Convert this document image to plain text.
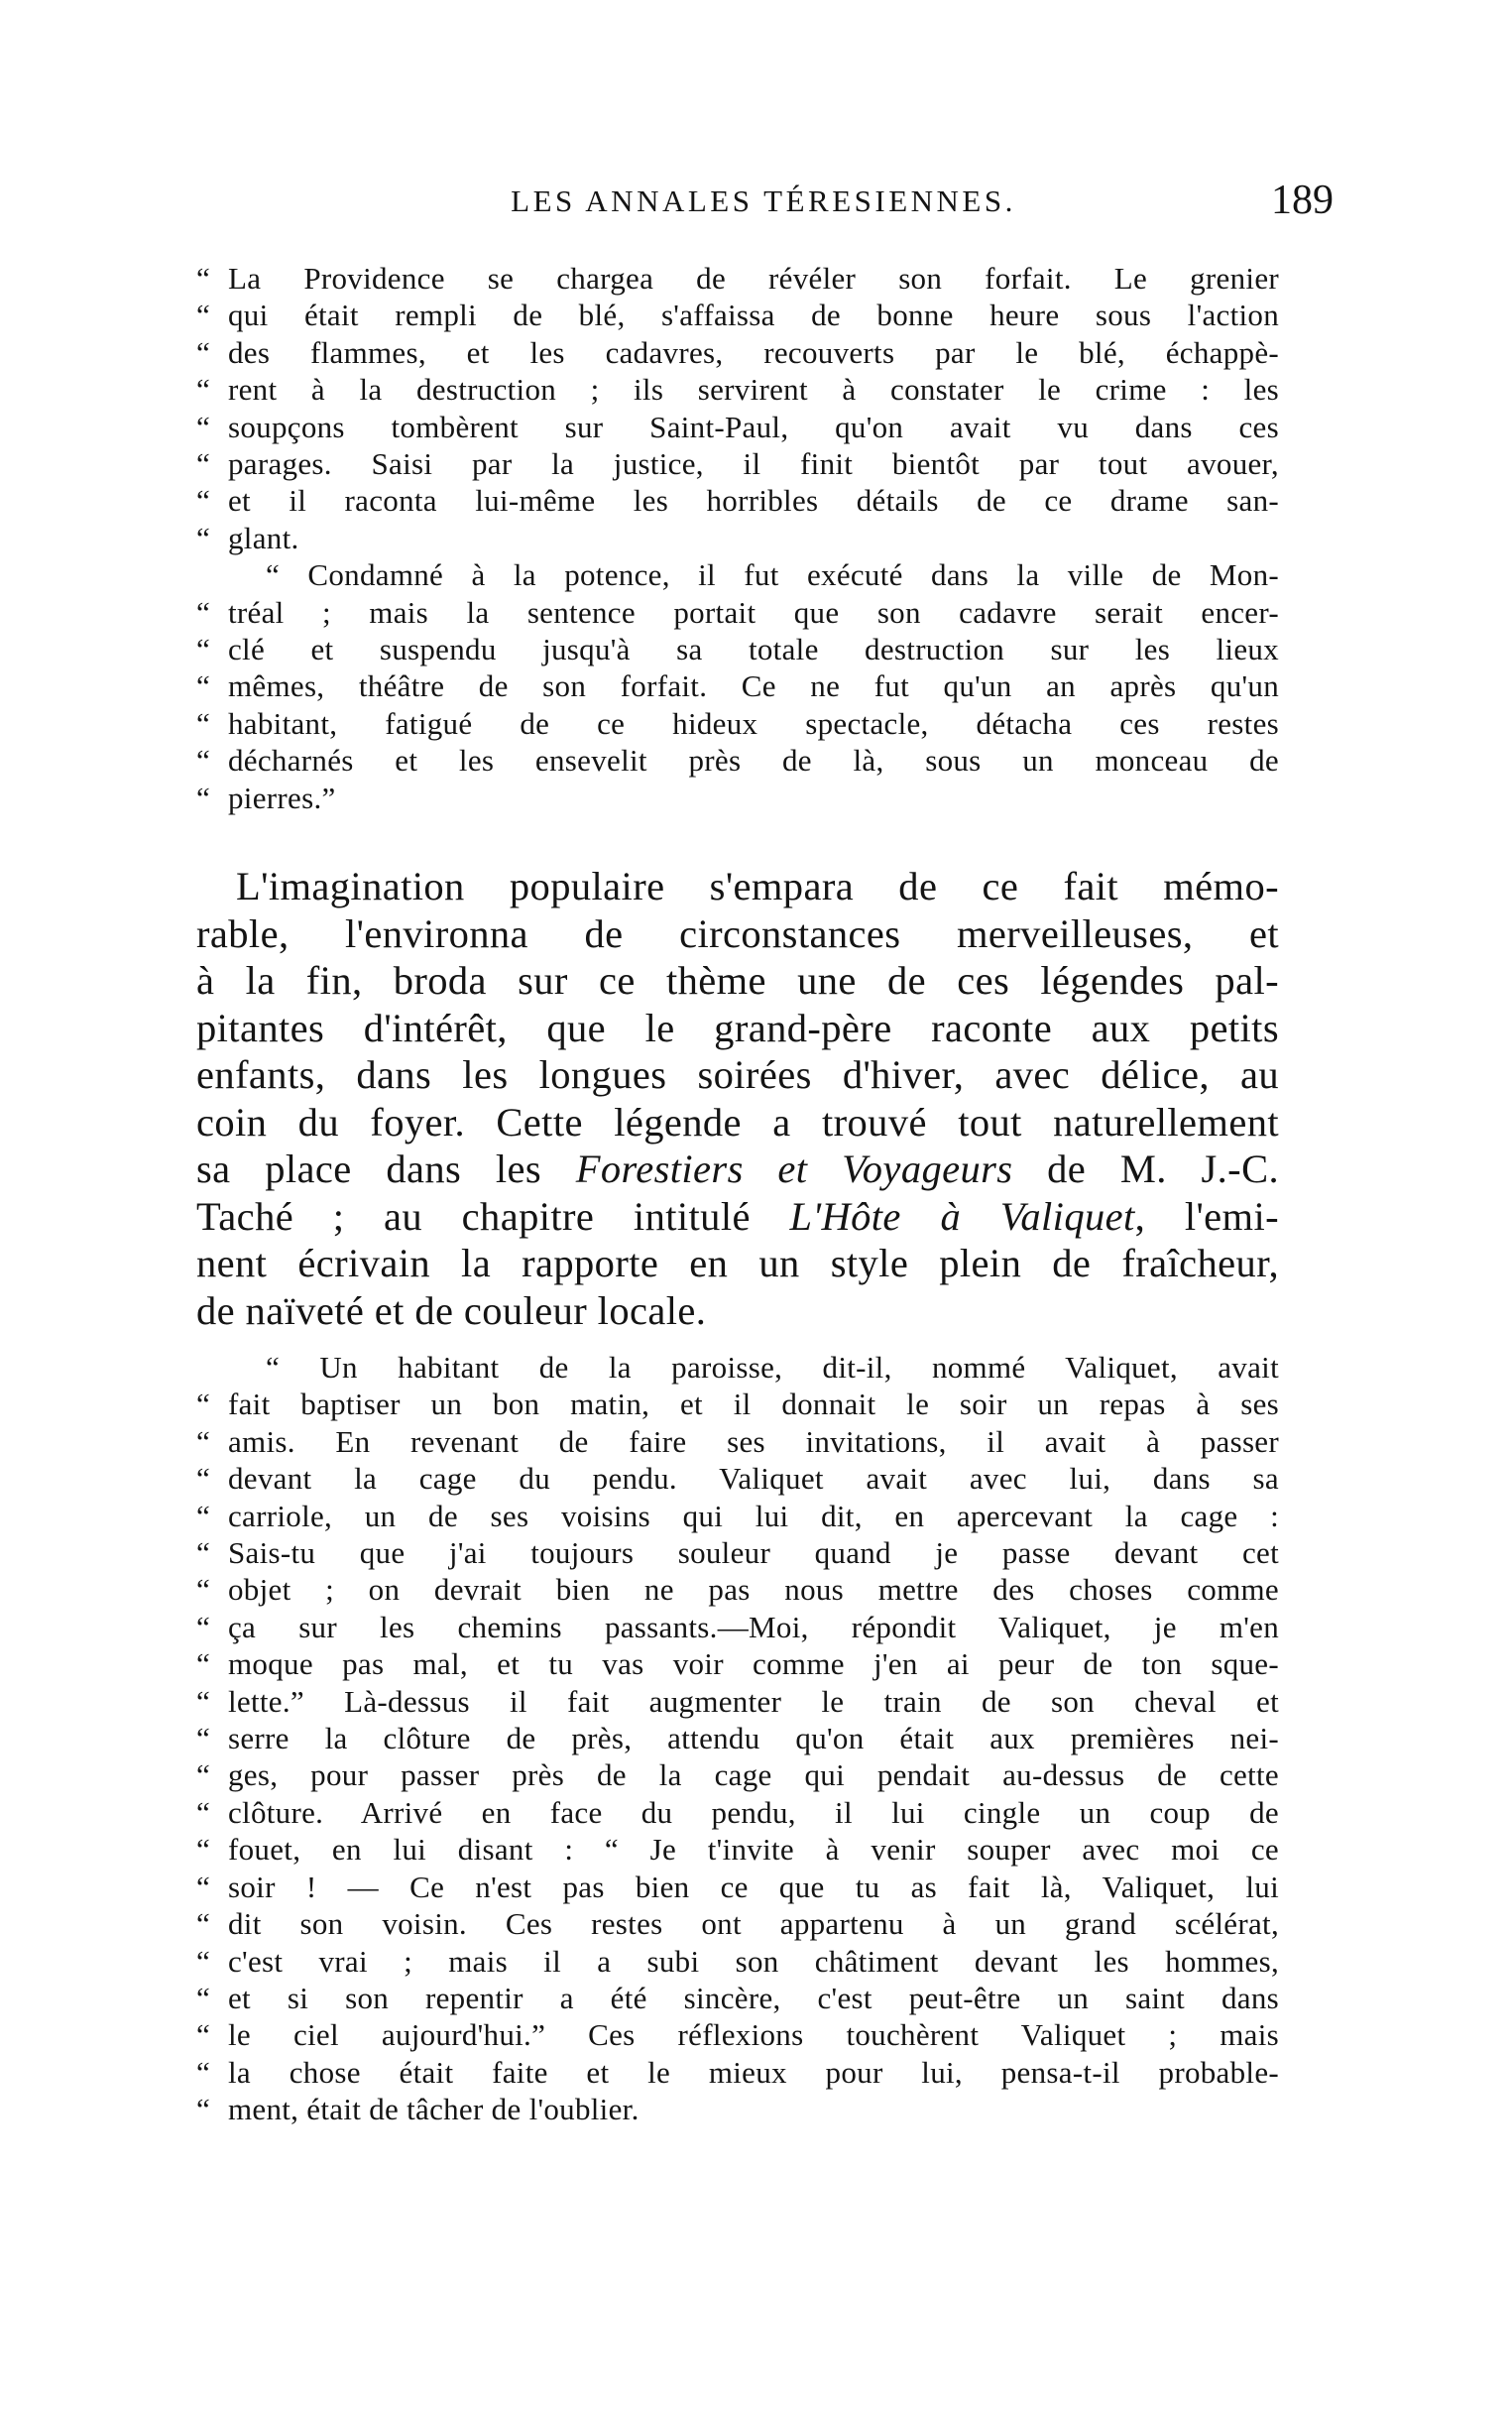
LES ANNALES TÉRESIENNES.	189
“ La Providence se chargea de révéler son forfait. Le grenier
“ qui était rempli de blé, s'affaissa de bonne heure sous l'action
“ des flammes, et les cadavres, recouverts par le blé, échappè-
“ rent à la destruction ; ils servirent à constater le crime : les
“ soupçons tombèrent sur Saint-Paul, qu'on avait vu dans ces
“ parages. Saisi par la justice, il finit bientôt par tout avouer,
“ et il raconta lui-même les horribles détails de ce drame san-
“ glant.
“ Condamné à la potence, il fut exécuté dans la ville de Mon-
“ tréal ; mais la sentence portait que son cadavre serait encer-
“ clé et suspendu jusqu'à sa totale destruction sur les lieux
“ mêmes, théâtre de son forfait. Ce ne fut qu'un an après qu'un
“ habitant, fatigué de ce hideux spectacle, détacha ces restes
“ décharnés et les ensevelit près de là, sous un monceau de
“ pierres.”
L'imagination populaire s'empara de ce fait mémo-
rable, l'environna de circonstances merveilleuses, et
à la fin, broda sur ce thème une de ces légendes pal-
pitantes d'intérêt, que le grand-père raconte aux petits
enfants, dans les longues soirées d'hiver, avec délice, au
coin du foyer. Cette légende a trouvé tout naturellement
sa place dans les Forestiers et Voyageurs de M. J.-C.
Taché ; au chapitre intitulé L'Hôte à Valiquet, l'emi-
nent écrivain la rapporte en un style plein de fraîcheur,
de naïveté et de couleur locale.
“ Un habitant de la paroisse, dit-il, nommé Valiquet, avait
“ fait baptiser un bon matin, et il donnait le soir un repas à ses
“ amis. En revenant de faire ses invitations, il avait à passer
“ devant la cage du pendu. Valiquet avait avec lui, dans sa
“ carriole, un de ses voisins qui lui dit, en apercevant la cage :
“ Sais-tu que j'ai toujours souleur quand je passe devant cet
“ objet ; on devrait bien ne pas nous mettre des choses comme
“ ça sur les chemins passants.—Moi, répondit Valiquet, je m'en
“ moque pas mal, et tu vas voir comme j'en ai peur de ton sque-
“ lette.” Là-dessus il fait augmenter le train de son cheval et
“ serre la clôture de près, attendu qu'on était aux premières nei-
“ ges, pour passer près de la cage qui pendait au-dessus de cette
“ clôture. Arrivé en face du pendu, il lui cingle un coup de
“ fouet, en lui disant : “ Je t'invite à venir souper avec moi ce
“ soir ! — Ce n'est pas bien ce que tu as fait là, Valiquet, lui
“ dit son voisin. Ces restes ont appartenu à un grand scélérat,
“ c'est vrai ; mais il a subi son châtiment devant les hommes,
“ et si son repentir a été sincère, c'est peut-être un saint dans
“ le ciel aujourd'hui.” Ces réflexions touchèrent Valiquet ; mais
“ la chose était faite et le mieux pour lui, pensa-t-il probable-
“ ment, était de tâcher de l'oublier.
